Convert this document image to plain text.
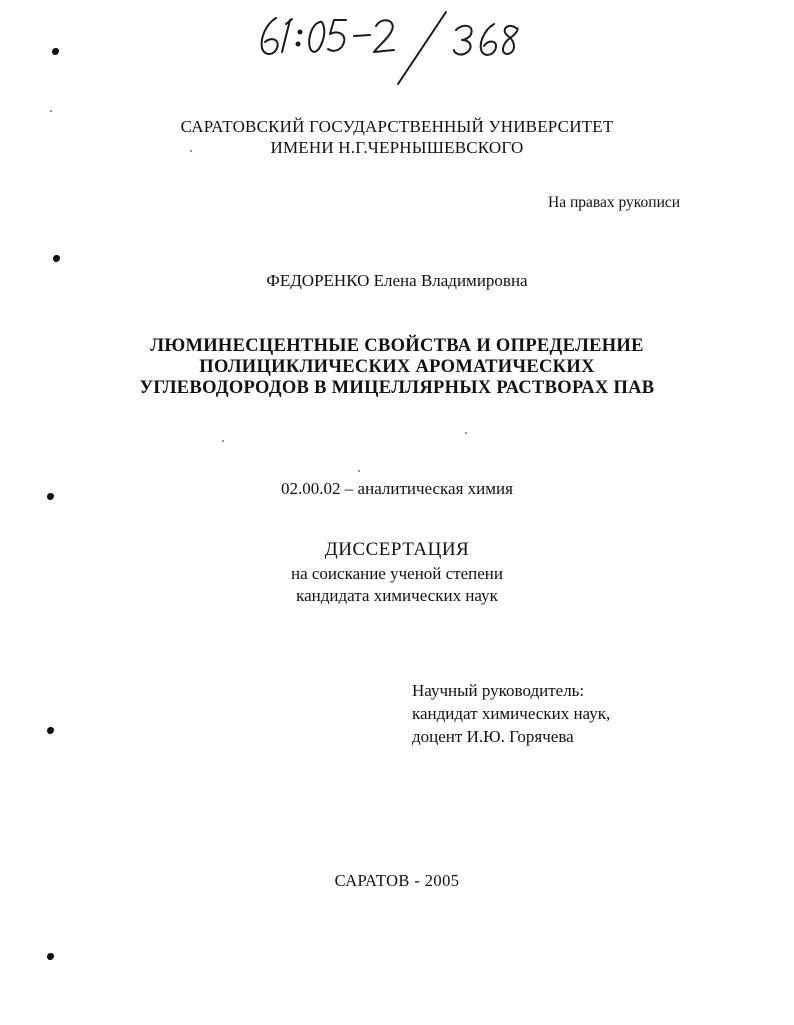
САРАТОВСКИЙ ГОСУДАРСТВЕННЫЙ УНИВЕРСИТЕТ
ИМЕНИ Н.Г.ЧЕРНЫШЕВСКОГО
На правах рукописи
ФЕДОРЕНКО Елена Владимировна
ЛЮМИНЕСЦЕНТНЫЕ СВОЙСТВА И ОПРЕДЕЛЕНИЕ
ПОЛИЦИКЛИЧЕСКИХ АРОМАТИЧЕСКИХ
УГЛЕВОДОРОДОВ В МИЦЕЛЛЯРНЫХ РАСТВОРАХ ПАВ
02.00.02 – аналитическая химия
ДИССЕРТАЦИЯ
на соискание ученой степени
кандидата химических наук
Научный руководитель:
кандидат химических наук,
доцент И.Ю. Горячева
САРАТОВ - 2005
